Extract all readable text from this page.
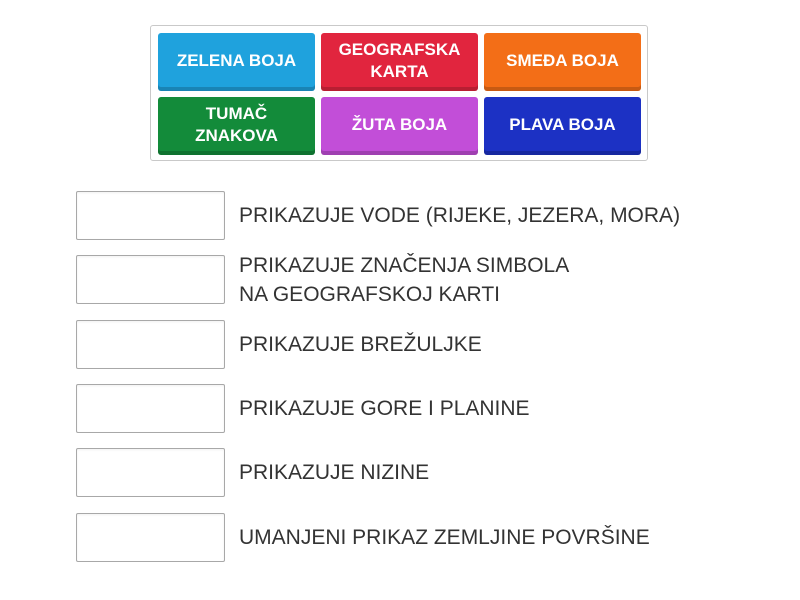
ZELENA BOJA
GEOGRAFSKA
KARTA
SMEĐA BOJA
TUMAČ
ZNAKOVA
ŽUTA BOJA	PLAVA BOJA
PRIKAZUJE VODE (RIJEKE, JEZERA, MORA)
PRIKAZUJE ZNAČENJA SIMBOLA
NA GEOGRAFSKOJ KARTI
PRIKAZUJE BREŽULJKE
PRIKAZUJE GORE I PLANINE
PRIKAZUJE NIZINE
UMANJENI PRIKAZ ZEMLJINE POVRŠINE
